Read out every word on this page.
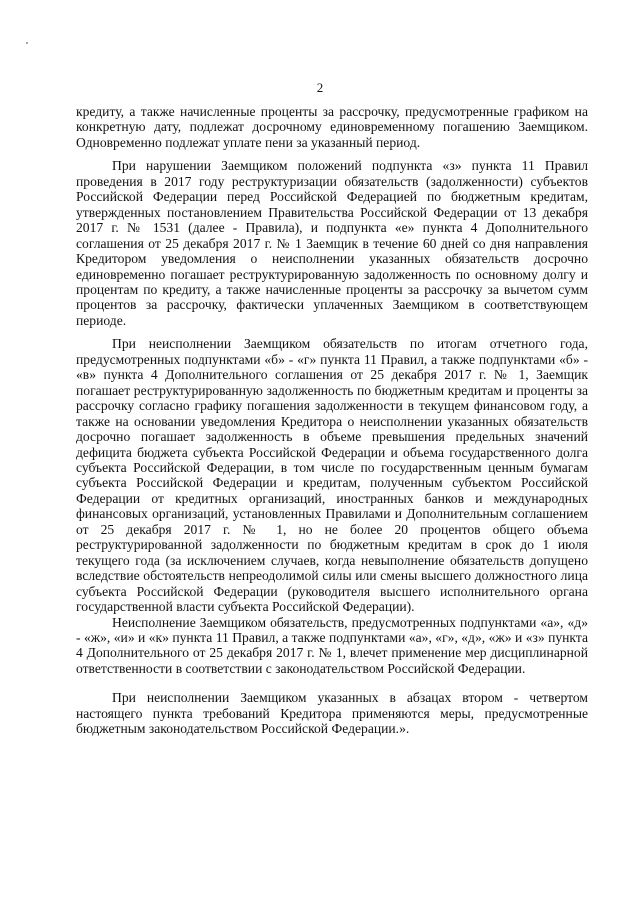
2

кредиту, а также начисленные проценты за рассрочку, предусмотренные графиком на конкретную дату, подлежат досрочному единовременному погашению Заемщиком. Одновременно подлежат уплате пени за указанный период.

При нарушении Заемщиком положений подпункта «з» пункта 11 Правил проведения в 2017 году реструктуризации обязательств (задолженности) субъектов Российской Федерации перед Российской Федерацией по бюджетным кредитам, утвержденных постановлением Правительства Российской Федерации от 13 декабря 2017 г. № 1531 (далее - Правила), и подпункта «е» пункта 4 Дополнительного соглашения от 25 декабря 2017 г. № 1 Заемщик в течение 60 дней со дня направления Кредитором уведомления о неисполнении указанных обязательств досрочно единовременно погашает реструктурированную задолженность по основному долгу и процентам по кредиту, а также начисленные проценты за рассрочку за вычетом сумм процентов за рассрочку, фактически уплаченных Заемщиком в соответствующем периоде.

При неисполнении Заемщиком обязательств по итогам отчетного года, предусмотренных подпунктами «б» - «г» пункта 11 Правил, а также подпунктами «б» - «в» пункта 4 Дополнительного соглашения от 25 декабря 2017 г. № 1, Заемщик погашает реструктурированную задолженность по бюджетным кредитам и проценты за рассрочку согласно графику погашения задолженности в текущем финансовом году, а также на основании уведомления Кредитора о неисполнении указанных обязательств досрочно погашает задолженность в объеме превышения предельных значений дефицита бюджета субъекта Российской Федерации и объема государственного долга субъекта Российской Федерации, в том числе по государственным ценным бумагам субъекта Российской Федерации и кредитам, полученным субъектом Российской Федерации от кредитных организаций, иностранных банков и международных финансовых организаций, установленных Правилами и Дополнительным соглашением от 25 декабря 2017 г. № 1, но не более 20 процентов общего объема реструктурированной задолженности по бюджетным кредитам в срок до 1 июля текущего года (за исключением случаев, когда невыполнение обязательств допущено вследствие обстоятельств непреодолимой силы или смены высшего должностного лица субъекта Российской Федерации (руководителя высшего исполнительного органа государственной власти субъекта Российской Федерации).

Неисполнение Заемщиком обязательств, предусмотренных подпунктами «а», «д» - «ж», «и» и «к» пункта 11 Правил, а также подпунктами «а», «г», «д», «ж» и «з» пункта 4 Дополнительного от 25 декабря 2017 г. № 1, влечет применение мер дисциплинарной ответственности в соответствии с законодательством Российской Федерации.

При неисполнении Заемщиком указанных в абзацах втором - четвертом настоящего пункта требований Кредитора применяются меры, предусмотренные бюджетным законодательством Российской Федерации.».
